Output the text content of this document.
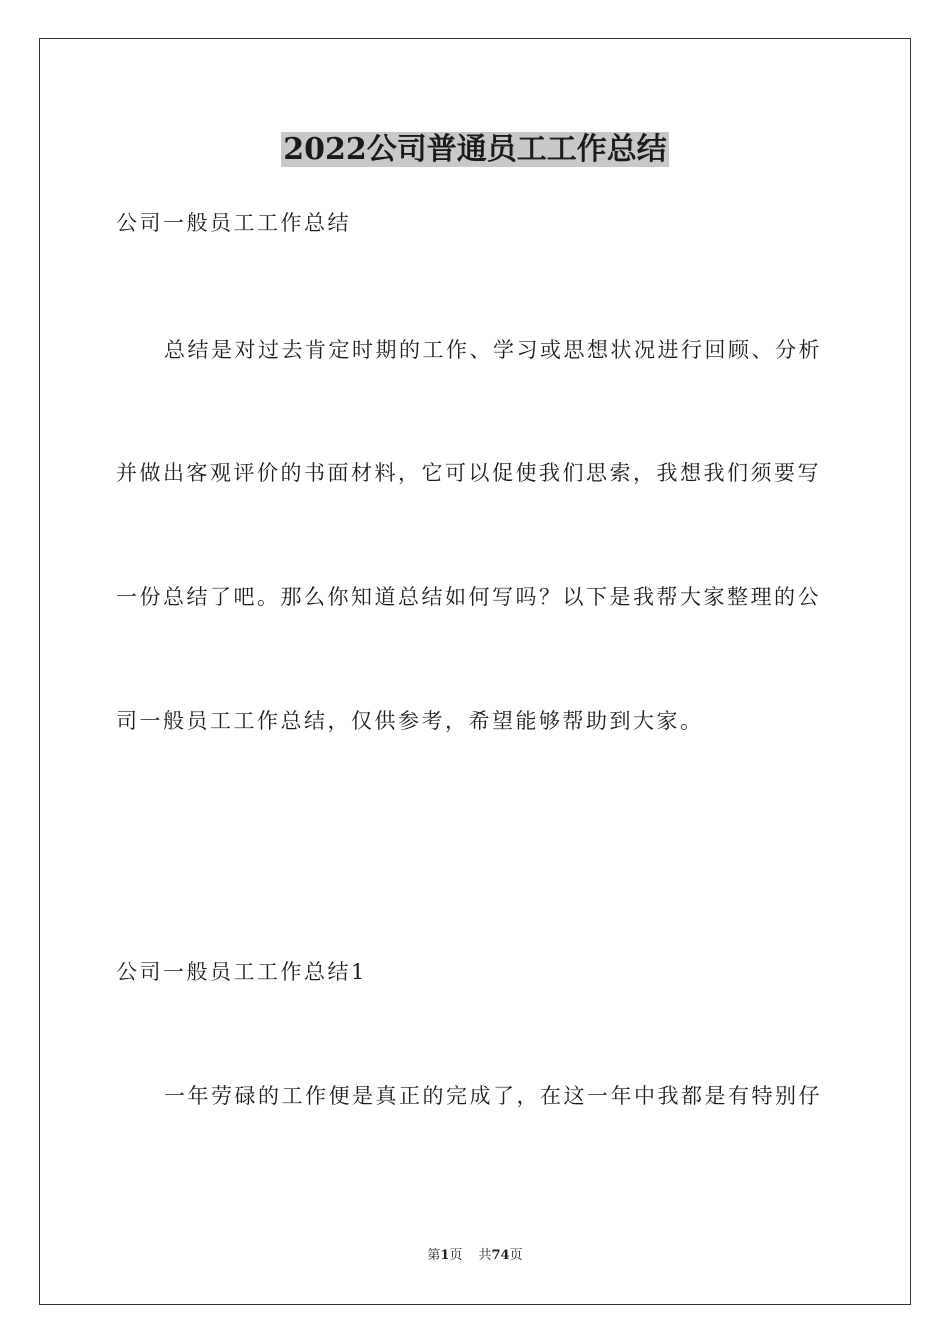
2022公司普通员工工作总结
公司一般员工工作总结
总结是对过去肯定时期的工作、学习或思想状况进行回顾、分析
并做出客观评价的书面材料，它可以促使我们思索，我想我们须要写
一份总结了吧。那么你知道总结如何写吗？以下是我帮大家整理的公
司一般员工工作总结，仅供参考，希望能够帮助到大家。
公司一般员工工作总结1
一年劳碌的工作便是真正的完成了，在这一年中我都是有特别仔
第1页 共74页
